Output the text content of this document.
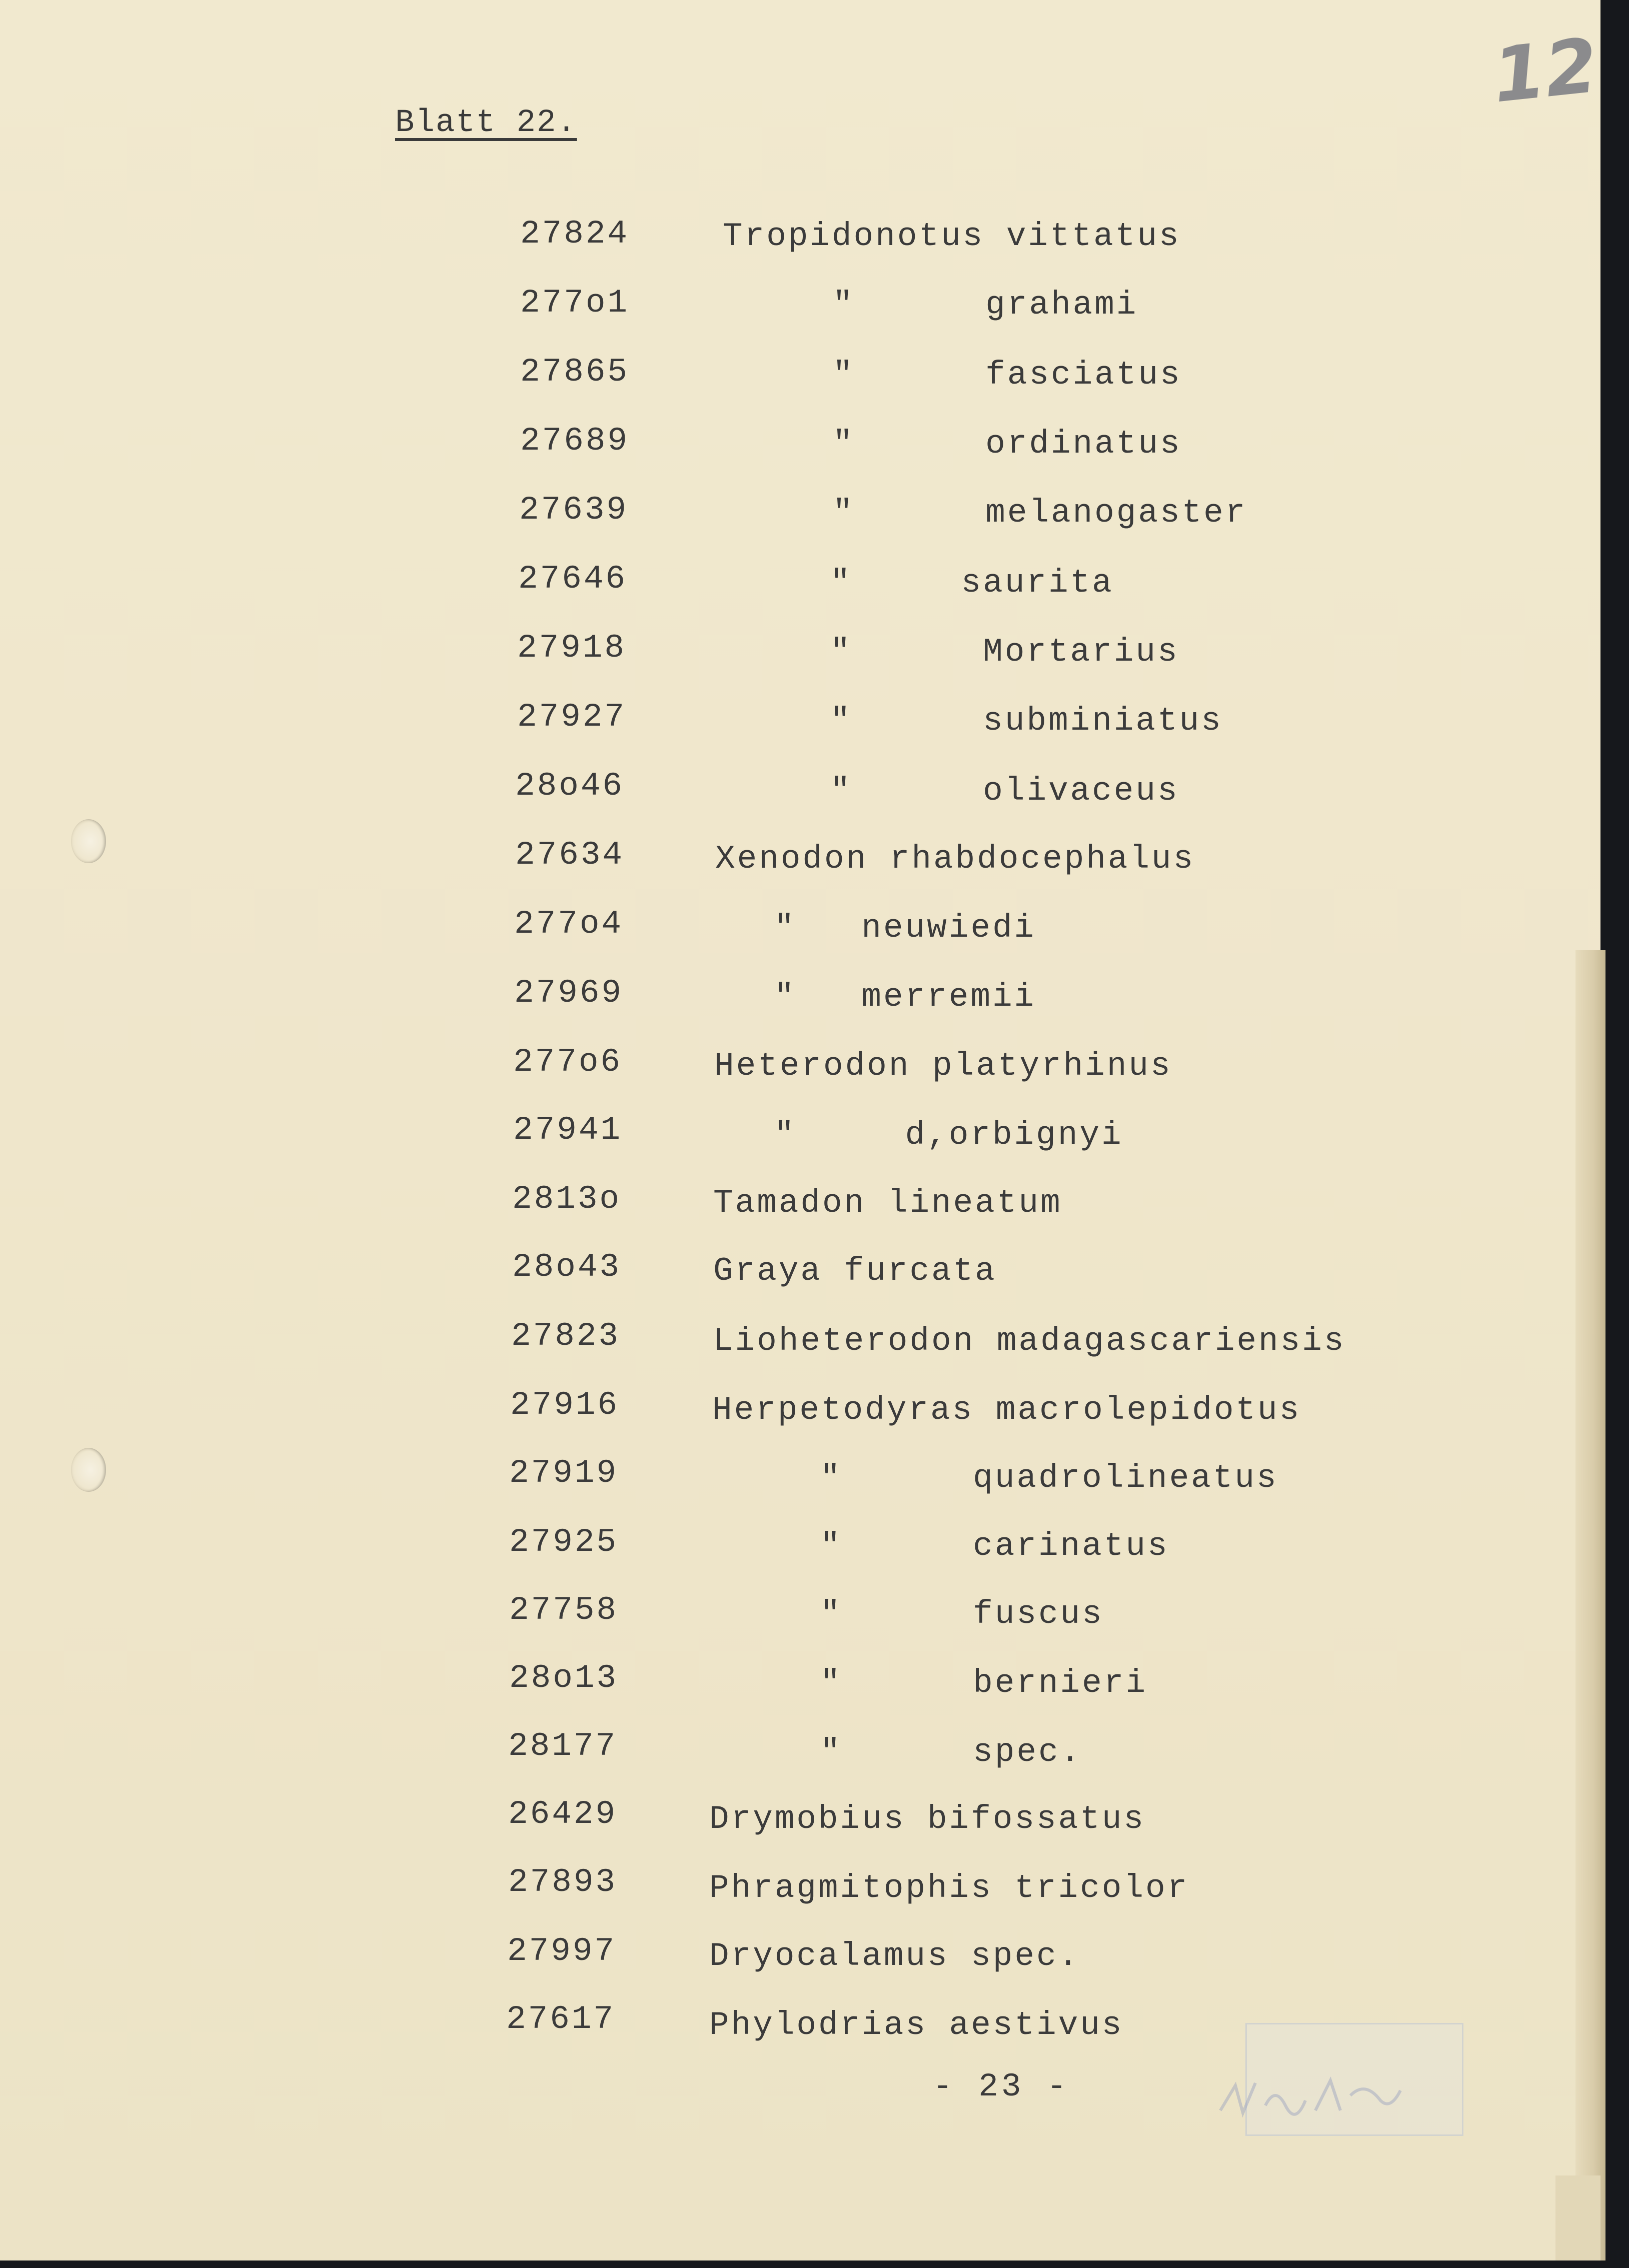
12
Blatt 22.
27824	Tropidonotus vittatus
277o1	"      grahami
27865	"      fasciatus
27689	"      ordinatus
27639	"      melanogaster
27646	"     saurita
27918	"      Mortarius
27927	"      subminiatus
28o46	"      olivaceus
27634	Xenodon rhabdocephalus
277o4	"   neuwiedi
27969	"   merremii
277o6	Heterodon platyrhinus
27941	"     d,orbignyi
2813o	Tamadon lineatum
28o43	Graya furcata
27823	Lioheterodon madagascariensis
27916	Herpetodyras macrolepidotus
27919	"      quadrolineatus
27925	"      carinatus
27758	"      fuscus
28o13	"      bernieri
28177	"      spec.
26429	Drymobius bifossatus
27893	Phragmitophis tricolor
27997	Dryocalamus spec.
27617	Phylodrias aestivus
- 23 -
